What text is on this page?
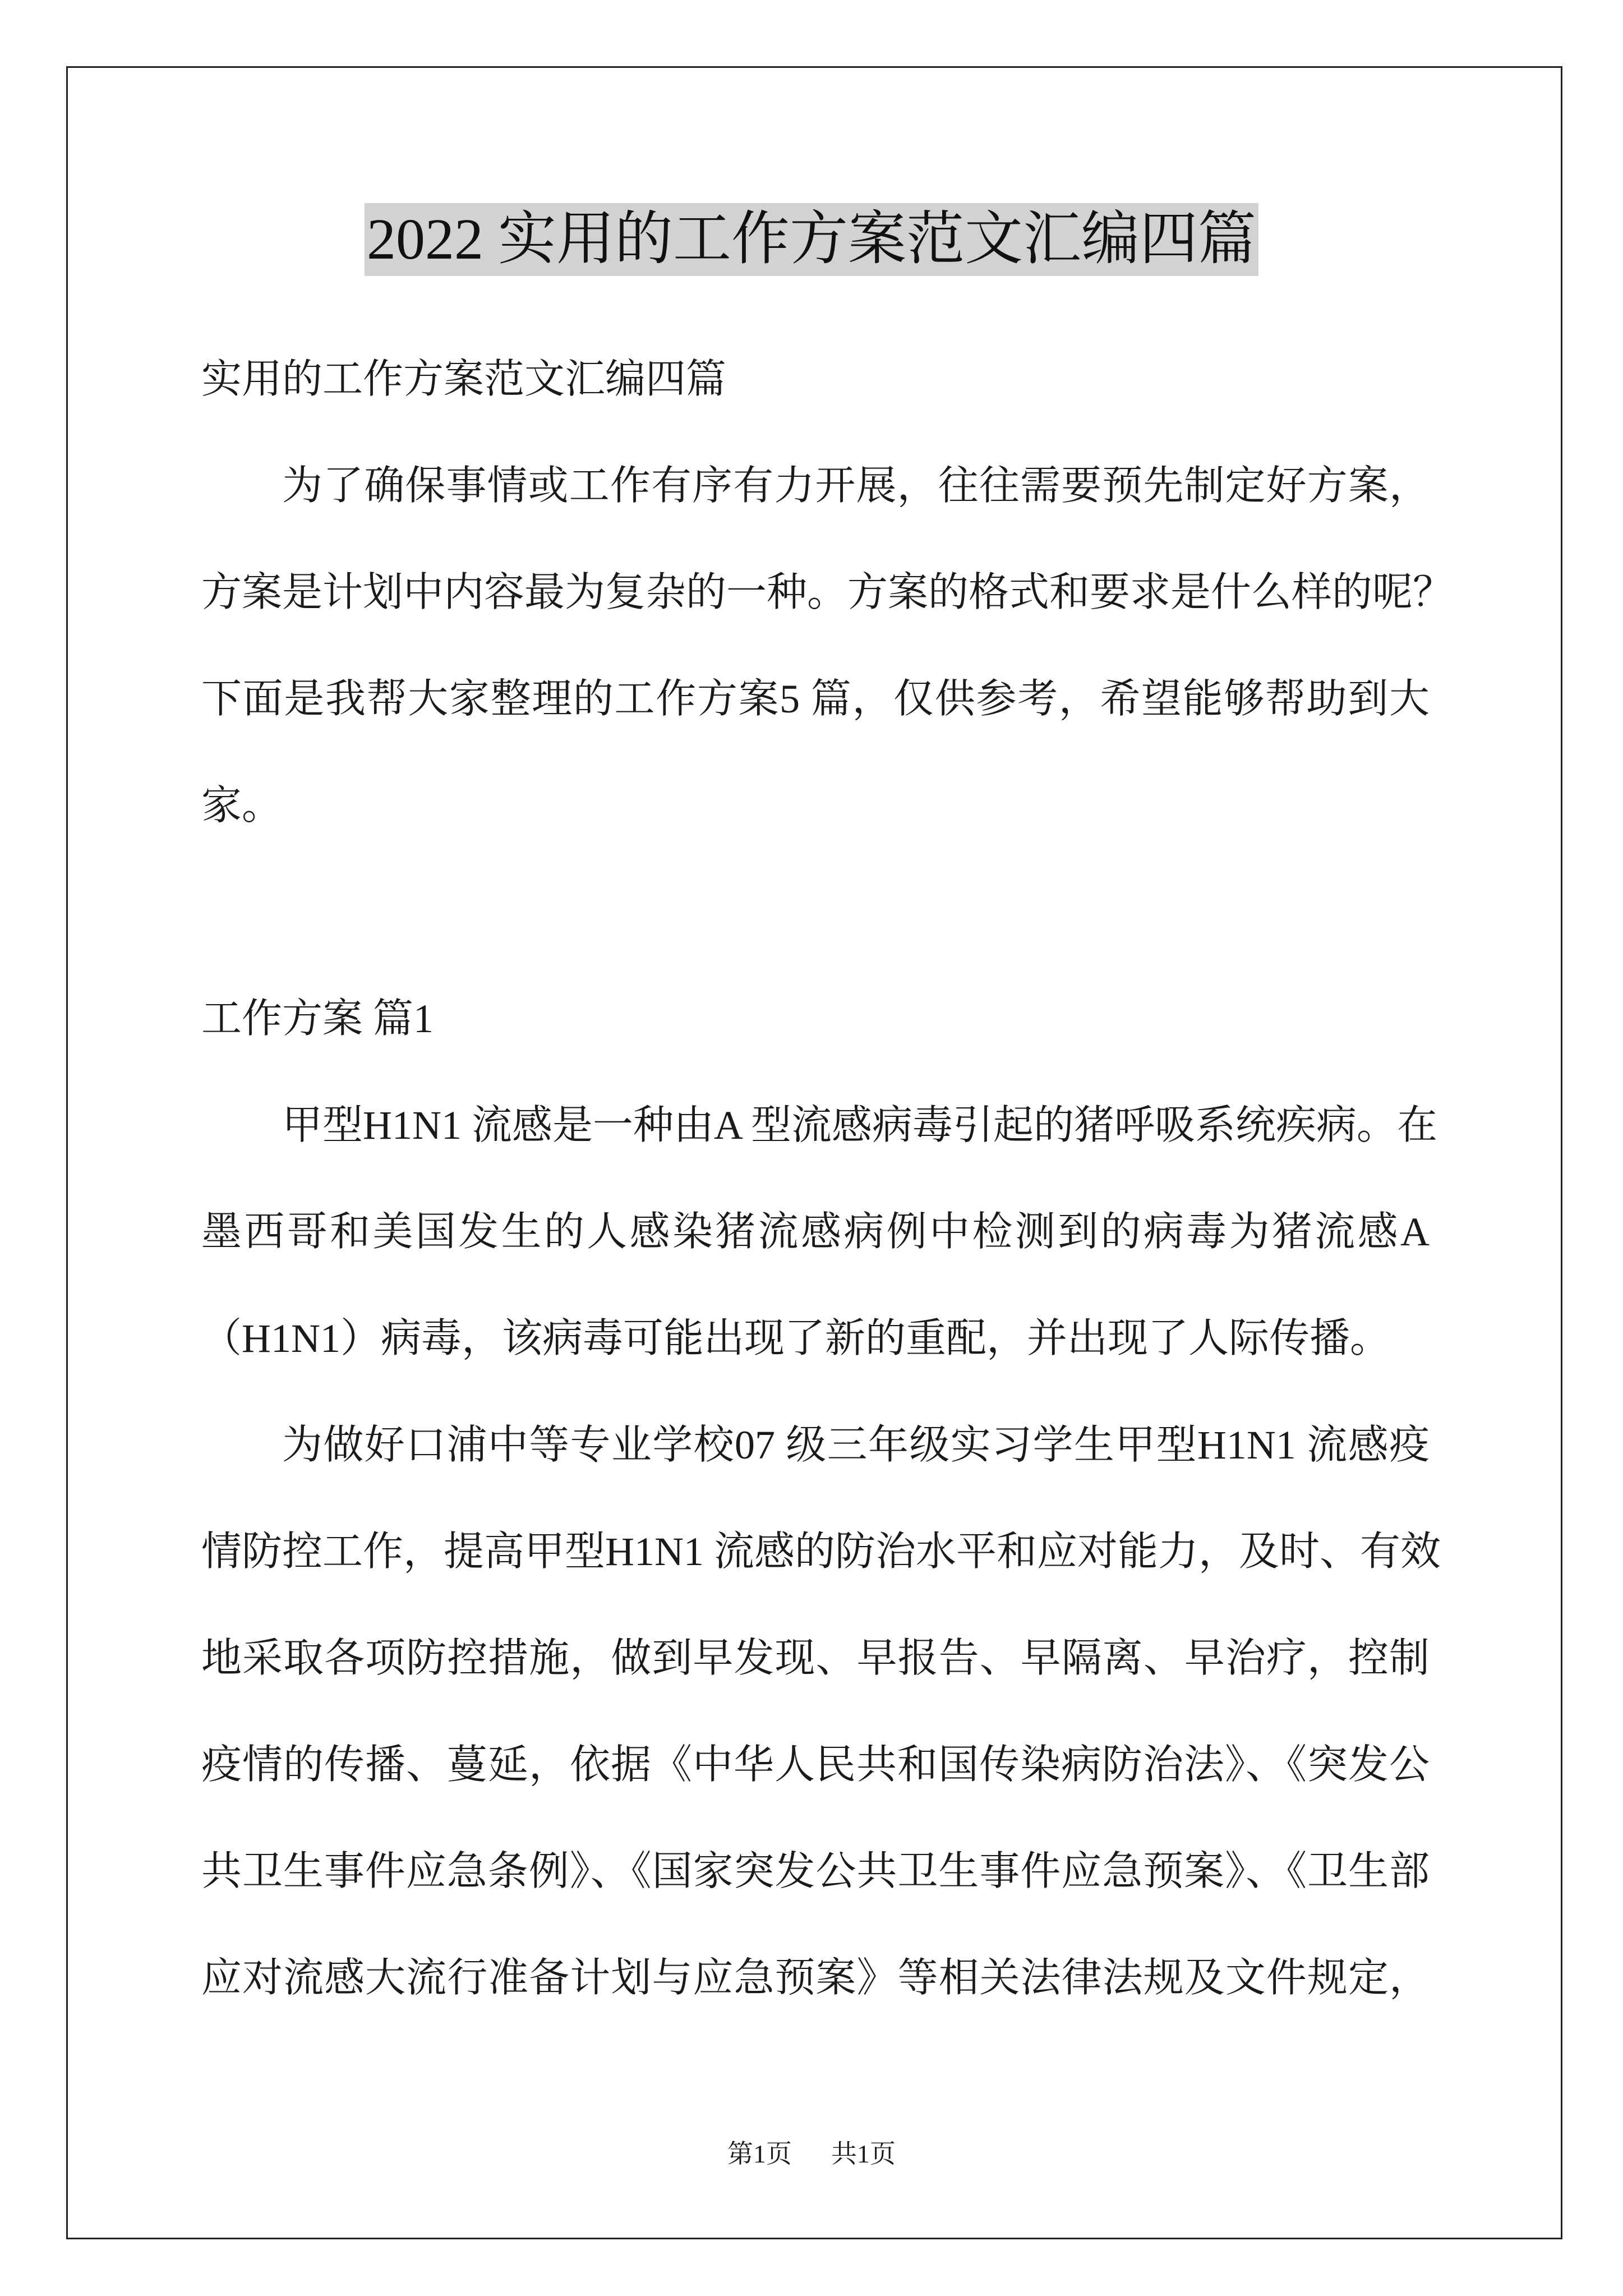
2022 实用的工作方案范文汇编四篇
实用的工作方案范文汇编四篇
为了确保事情或工作有序有力开展，往往需要预先制定好方案，
方案是计划中内容最为复杂的一种。方案的格式和要求是什么样的呢？
下面是我帮大家整理的工作方案5 篇，仅供参考，希望能够帮助到大
家。
工作方案 篇1
甲型H1N1 流感是一种由A 型流感病毒引起的猪呼吸系统疾病。在
墨西哥和美国发生的人感染猪流感病例中检测到的病毒为猪流感A
（H1N1）病毒，该病毒可能出现了新的重配，并出现了人际传播。
为做好口浦中等专业学校07 级三年级实习学生甲型H1N1 流感疫
情防控工作，提高甲型H1N1 流感的防治水平和应对能力，及时、有效
地采取各项防控措施，做到早发现、早报告、早隔离、早治疗，控制
疫情的传播、蔓延，依据《中华人民共和国传染病防治法》、《突发公
共卫生事件应急条例》、《国家突发公共卫生事件应急预案》、《卫生部
应对流感大流行准备计划与应急预案》等相关法律法规及文件规定，
第1页 共1页
